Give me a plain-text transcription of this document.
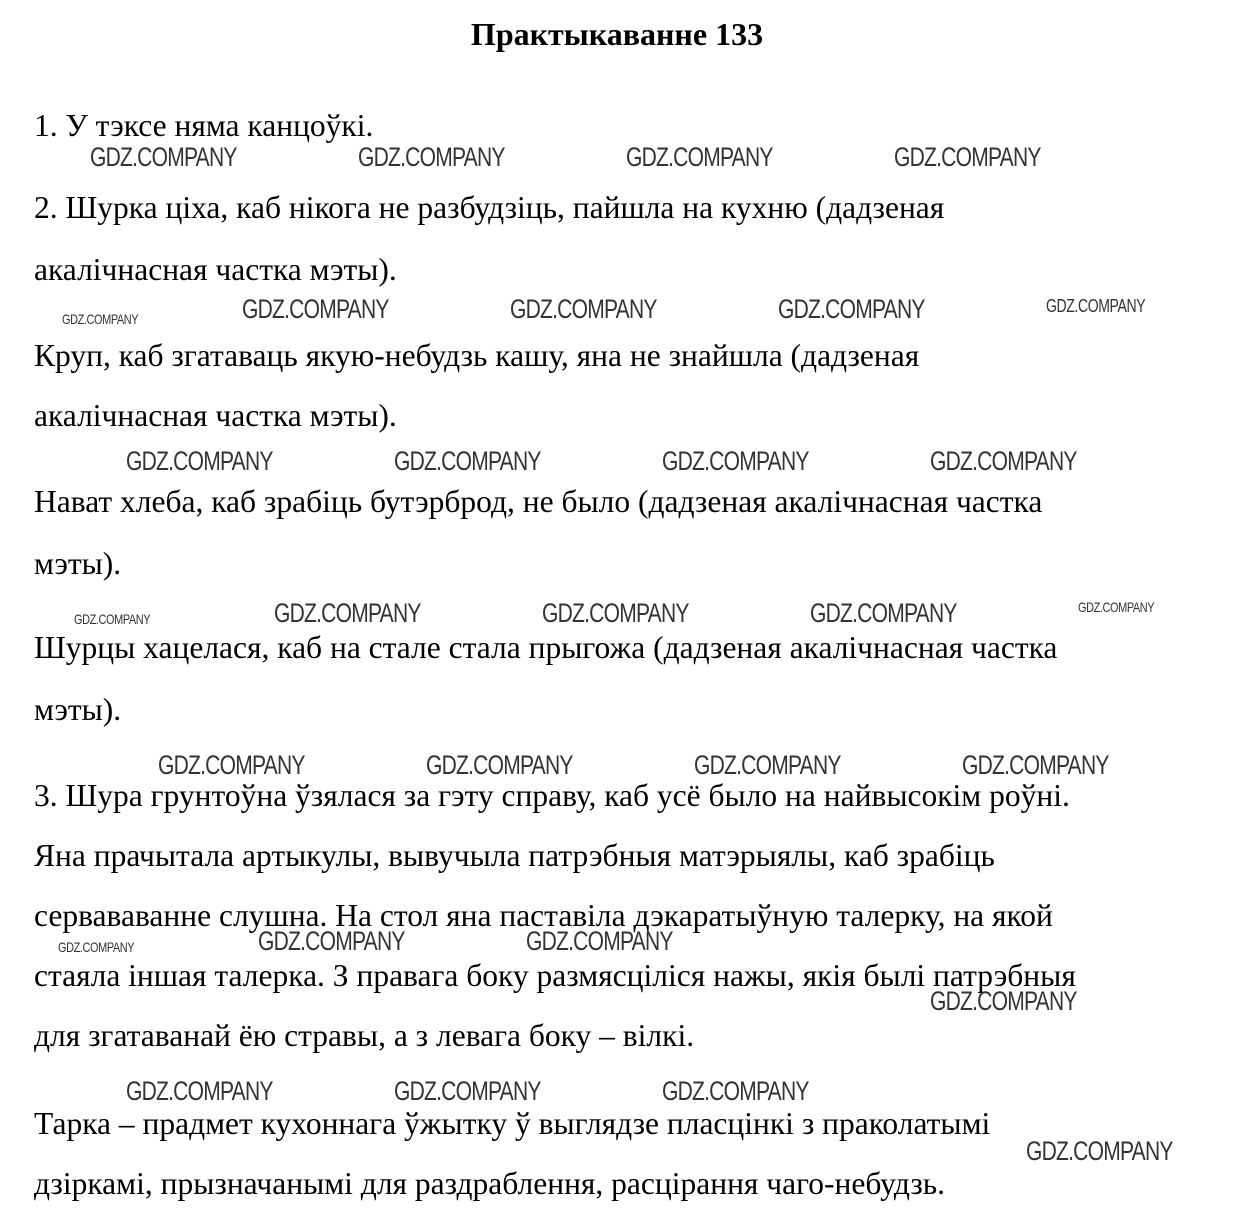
Практыкаванне 133
1. У тэксе няма канцоўкі.
2. Шурка ціха, каб нікога не разбудзіць, пайшла на кухню (дадзеная
акалічнасная частка мэты).
Круп, каб згатаваць якую-небудзь кашу, яна не знайшла (дадзеная
акалічнасная частка мэты).
Нават хлеба, каб зрабіць бутэрброд, не было (дадзеная акалічнасная частка
мэты).
Шурцы хацелася, каб на стале стала прыгожа (дадзеная акалічнасная частка
мэты).
3. Шура грунтоўна ўзялася за гэту справу, каб усё было на найвысокім роўні.
Яна прачытала артыкулы, вывучыла патрэбныя матэрыялы, каб зрабіць
сервававанне слушна. На стол яна паставіла дэкаратыўную талерку, на якой
стаяла іншая талерка. З правага боку размясціліся нажы, якія былі патрэбныя
для згатаванай ёю стравы, а з левага боку – вілкі.
Тарка – прадмет кухоннага ўжытку ў выглядзе пласцінкі з праколатымі
дзіркамі, прызначанымі для раздраблення, расцірання чаго-небудзь.
GDZ.COMPANY	GDZ.COMPANY	GDZ.COMPANY	GDZ.COMPANY
GDZ.COMPANY	GDZ.COMPANY	GDZ.COMPANY	GDZ.COMPANY	GDZ.COMPANY
GDZ.COMPANY	GDZ.COMPANY	GDZ.COMPANY	GDZ.COMPANY
GDZ.COMPANY	GDZ.COMPANY	GDZ.COMPANY	GDZ.COMPANY	GDZ.COMPANY
GDZ.COMPANY	GDZ.COMPANY	GDZ.COMPANY	GDZ.COMPANY
GDZ.COMPANY	GDZ.COMPANY	GDZ.COMPANY
GDZ.COMPANY
GDZ.COMPANY	GDZ.COMPANY	GDZ.COMPANY
GDZ.COMPANY
